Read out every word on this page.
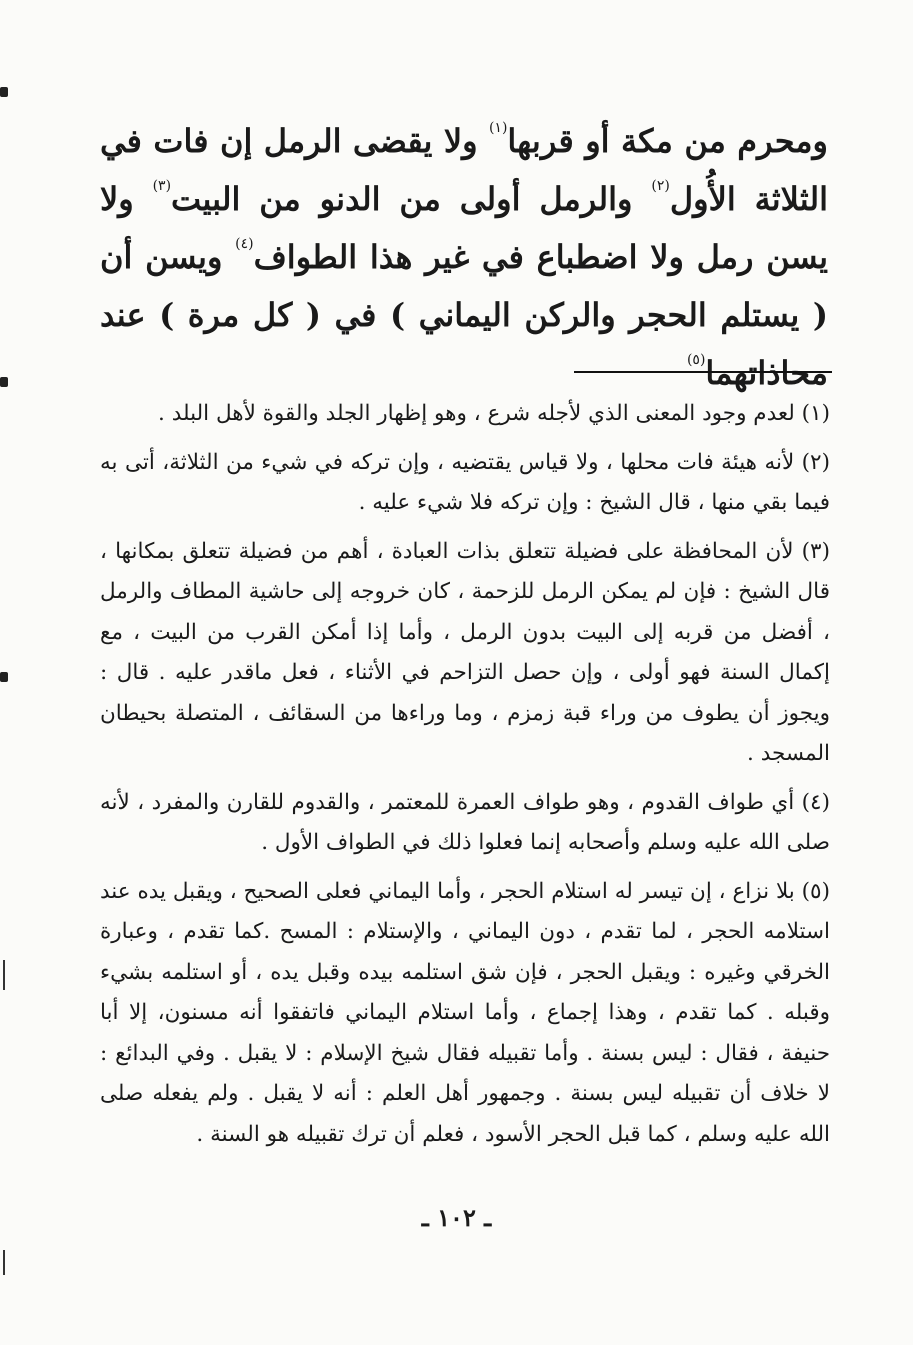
ومحرم من مكة أو قربها$^{(١)}$ ولا يقضى الرمل إن فات في الثلاثة الأُول$^{(٢)}$ والرمل أولى من الدنو من البيت$^{(٣)}$ ولا يسن رمل ولا اضطباع في غير هذا الطواف$^{(٤)}$ ويسن أن ( يستلم الحجر والركن اليماني ) في ( كل مرة ) عند محاذاتهما$^{(٥)}$

(١) لعدم وجود المعنى الذي لأجله شرع ، وهو إظهار الجلد والقوة لأهل البلد .

(٢) لأنه هيئة فات محلها ، ولا قياس يقتضيه ، وإن تركه في شيء من الثلاثة، أتى به فيما بقي منها ، قال الشيخ : وإن تركه فلا شيء عليه .

(٣) لأن المحافظة على فضيلة تتعلق بذات العبادة ، أهم من فضيلة تتعلق بمكانها ، قال الشيخ : فإن لم يمكن الرمل للزحمة ، كان خروجه إلى حاشية المطاف والرمل ، أفضل من قربه إلى البيت بدون الرمل ، وأما إذا أمكن القرب من البيت ، مع إكمال السنة فهو أولى ، وإن حصل التزاحم في الأثناء ، فعل ماقدر عليه . قال : ويجوز أن يطوف من وراء قبة زمزم ، وما وراءها من السقائف ، المتصلة بحيطان المسجد .

(٤) أي طواف القدوم ، وهو طواف العمرة للمعتمر ، والقدوم للقارن والمفرد ، لأنه صلى الله عليه وسلم وأصحابه إنما فعلوا ذلك في الطواف الأول .

(٥) بلا نزاع ، إن تيسر له استلام الحجر ، وأما اليماني فعلى الصحيح ، ويقبل يده عند استلامه الحجر ، لما تقدم ، دون اليماني ، والإستلام : المسح .كما تقدم ، وعبارة الخرقي وغيره : ويقبل الحجر ، فإن شق استلمه بيده وقبل يده ، أو استلمه بشيء وقبله . كما تقدم ، وهذا إجماع ، وأما استلام اليماني فاتفقوا أنه مسنون، إلا أبا حنيفة ، فقال : ليس بسنة . وأما تقبيله فقال شيخ الإسلام : لا يقبل . وفي البدائع : لا خلاف أن تقبيله ليس بسنة . وجمهور أهل العلم : أنه لا يقبل . ولم يفعله صلى الله عليه وسلم ، كما قبل الحجر الأسود ، فعلم أن ترك تقبيله هو السنة .

ـ ١٠٢ ـ
